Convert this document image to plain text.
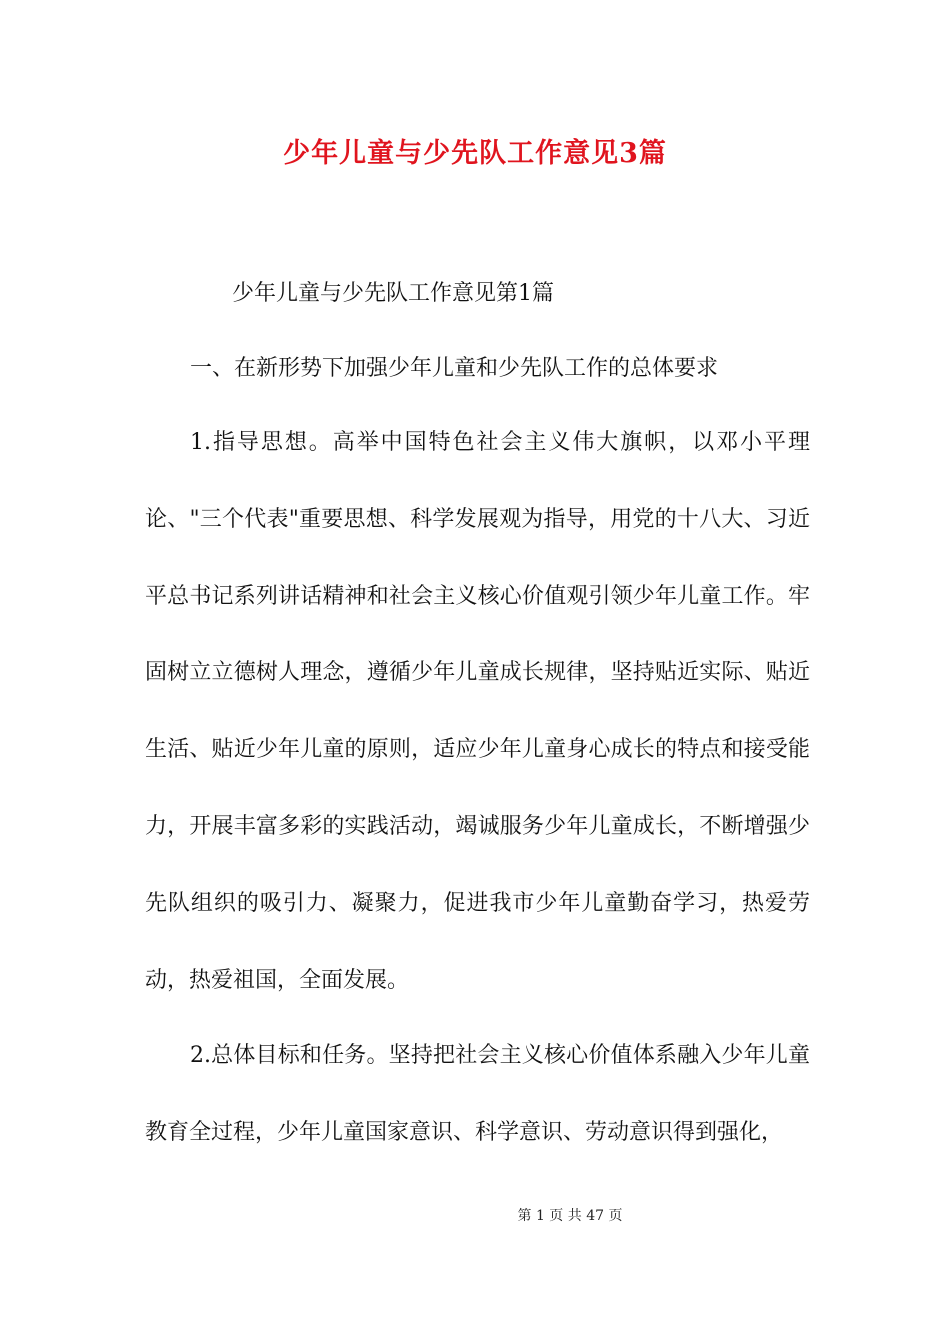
少年儿童与少先队工作意见3篇
少年儿童与少先队工作意见第1篇
一、在新形势下加强少年儿童和少先队工作的总体要求

1.指导思想。高举中国特色社会主义伟大旗帜，以邓小平理论、"三个代表"重要思想、科学发展观为指导，用党的十八大、习近平总书记系列讲话精神和社会主义核心价值观引领少年儿童工作。牢固树立立德树人理念，遵循少年儿童成长规律，坚持贴近实际、贴近生活、贴近少年儿童的原则，适应少年儿童身心成长的特点和接受能力，开展丰富多彩的实践活动，竭诚服务少年儿童成长，不断增强少先队组织的吸引力、凝聚力，促进我市少年儿童勤奋学习，热爱劳动，热爱祖国，全面发展。

2.总体目标和任务。坚持把社会主义核心价值体系融入少年儿童教育全过程，少年儿童国家意识、科学意识、劳动意识得到强化，

第 1 页 共 47 页
